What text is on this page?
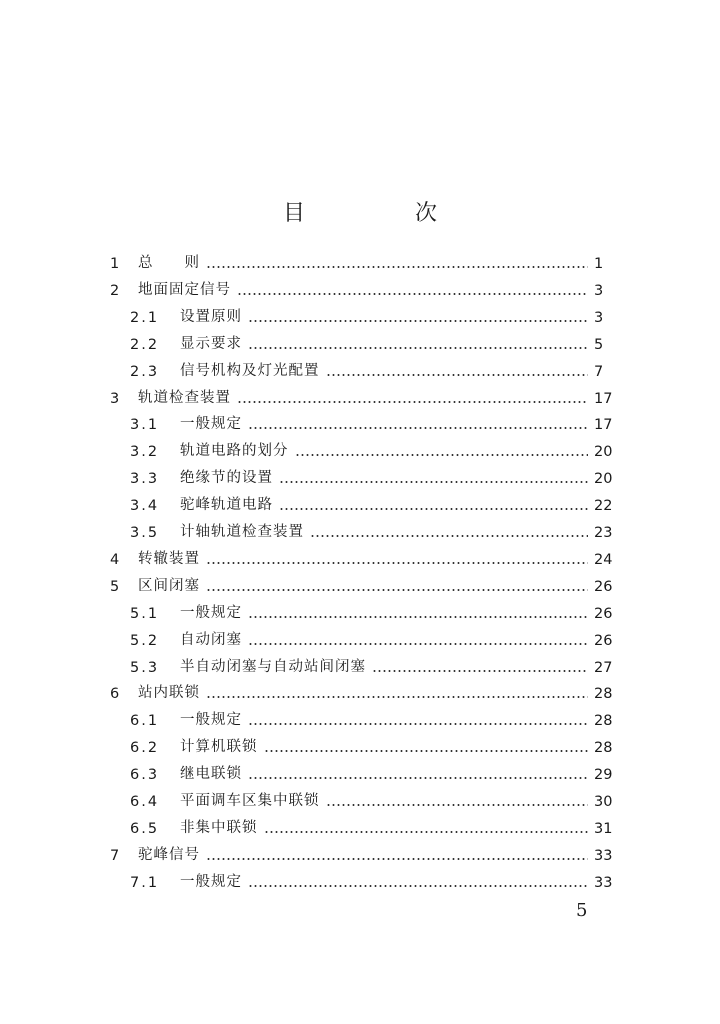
目　次
1	总　　则	1
2	地面固定信号	3
2.1	设置原则	3
2.2	显示要求	5
2.3	信号机构及灯光配置	7
3	轨道检查装置	17
3.1	一般规定	17
3.2	轨道电路的划分	20
3.3	绝缘节的设置	20
3.4	驼峰轨道电路	22
3.5	计轴轨道检查装置	23
4	转辙装置	24
5	区间闭塞	26
5.1	一般规定	26
5.2	自动闭塞	26
5.3	半自动闭塞与自动站间闭塞	27
6	站内联锁	28
6.1	一般规定	28
6.2	计算机联锁	28
6.3	继电联锁	29
6.4	平面调车区集中联锁	30
6.5	非集中联锁	31
7	驼峰信号	33
7.1	一般规定	33
5
